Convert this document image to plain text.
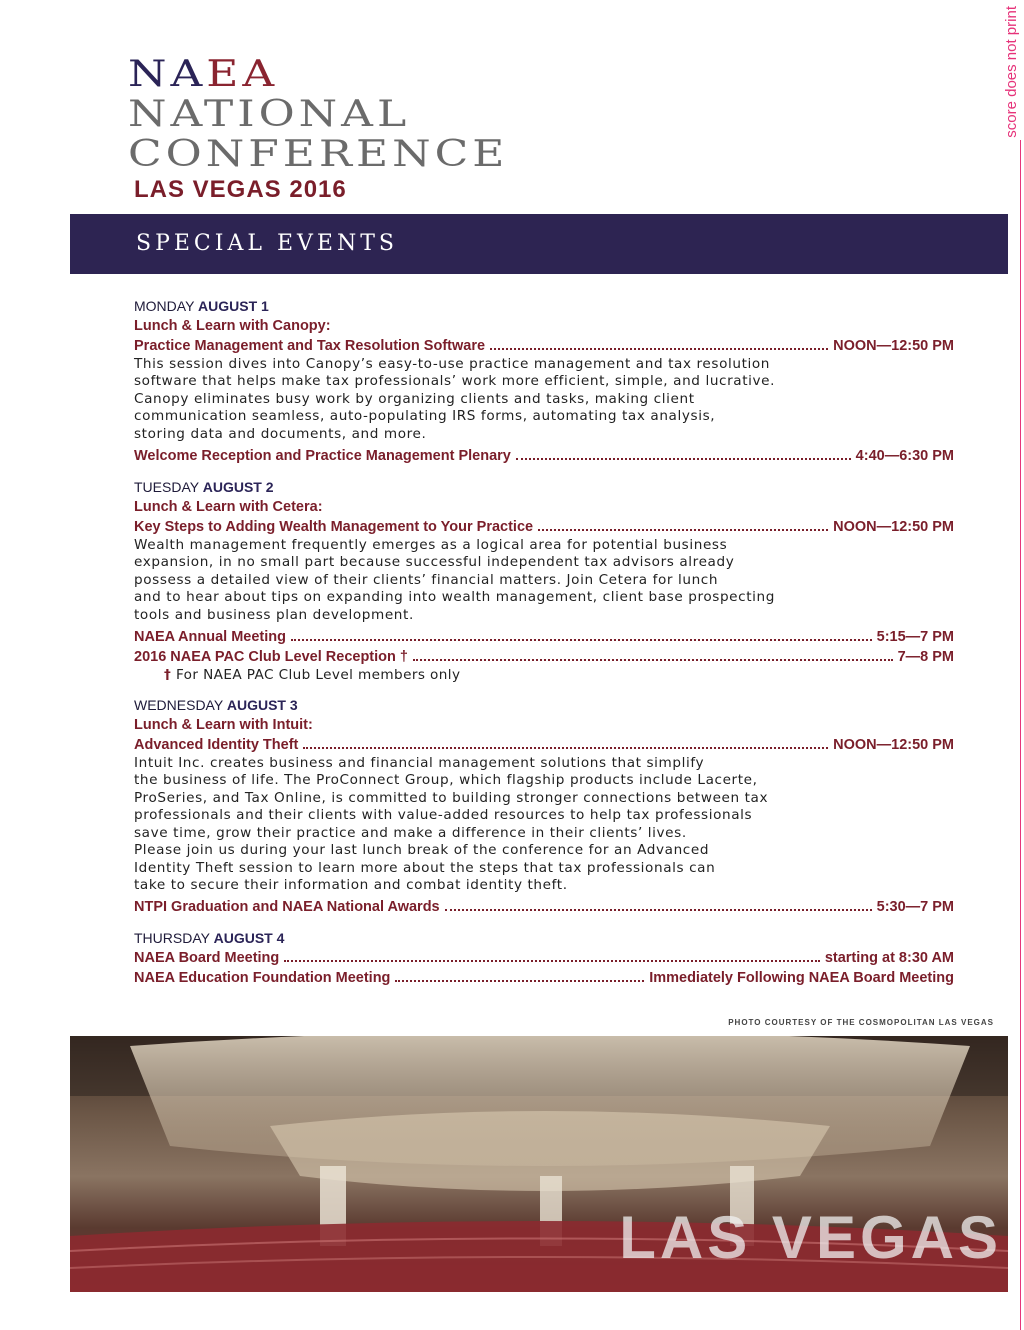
NAEA
NATIONAL
CONFERENCE
LAS VEGAS 2016
score does not print
SPECIAL EVENTS
MONDAY AUGUST 1
Lunch & Learn with Canopy:
Practice Management and Tax Resolution Software	NOON—12:50 PM
This session dives into Canopy’s easy-to-use practice management and tax resolution
software that helps make tax professionals’ work more efficient, simple, and lucrative.
Canopy eliminates busy work by organizing clients and tasks, making client
communication seamless, auto-populating IRS forms, automating tax analysis,
storing data and documents, and more.
Welcome Reception and Practice Management Plenary	4:40—6:30 PM
TUESDAY AUGUST 2
Lunch & Learn with Cetera:
Key Steps to Adding Wealth Management to Your Practice	NOON—12:50 PM
Wealth management frequently emerges as a logical area for potential business
expansion, in no small part because successful independent tax advisors already
possess a detailed view of their clients’ financial matters. Join Cetera for lunch
and to hear about tips on expanding into wealth management, client base prospecting
tools and business plan development.
NAEA Annual Meeting	5:15—7 PM
2016 NAEA PAC Club Level Reception †	7—8 PM
† For NAEA PAC Club Level members only
WEDNESDAY AUGUST 3
Lunch & Learn with Intuit:
Advanced Identity Theft	NOON—12:50 PM
Intuit Inc. creates business and financial management solutions that simplify
the business of life. The ProConnect Group, which flagship products include Lacerte,
ProSeries, and Tax Online, is committed to building stronger connections between tax
professionals and their clients with value-added resources to help tax professionals
save time, grow their practice and make a difference in their clients’ lives.
Please join us during your last lunch break of the conference for an Advanced
Identity Theft session to learn more about the steps that tax professionals can
take to secure their information and combat identity theft.
NTPI Graduation and NAEA National Awards	5:30—7 PM
THURSDAY AUGUST 4
NAEA Board Meeting	starting at 8:30 AM
NAEA Education Foundation Meeting	Immediately Following NAEA Board Meeting
PHOTO COURTESY OF THE COSMOPOLITAN LAS VEGAS
LAS VEGAS
